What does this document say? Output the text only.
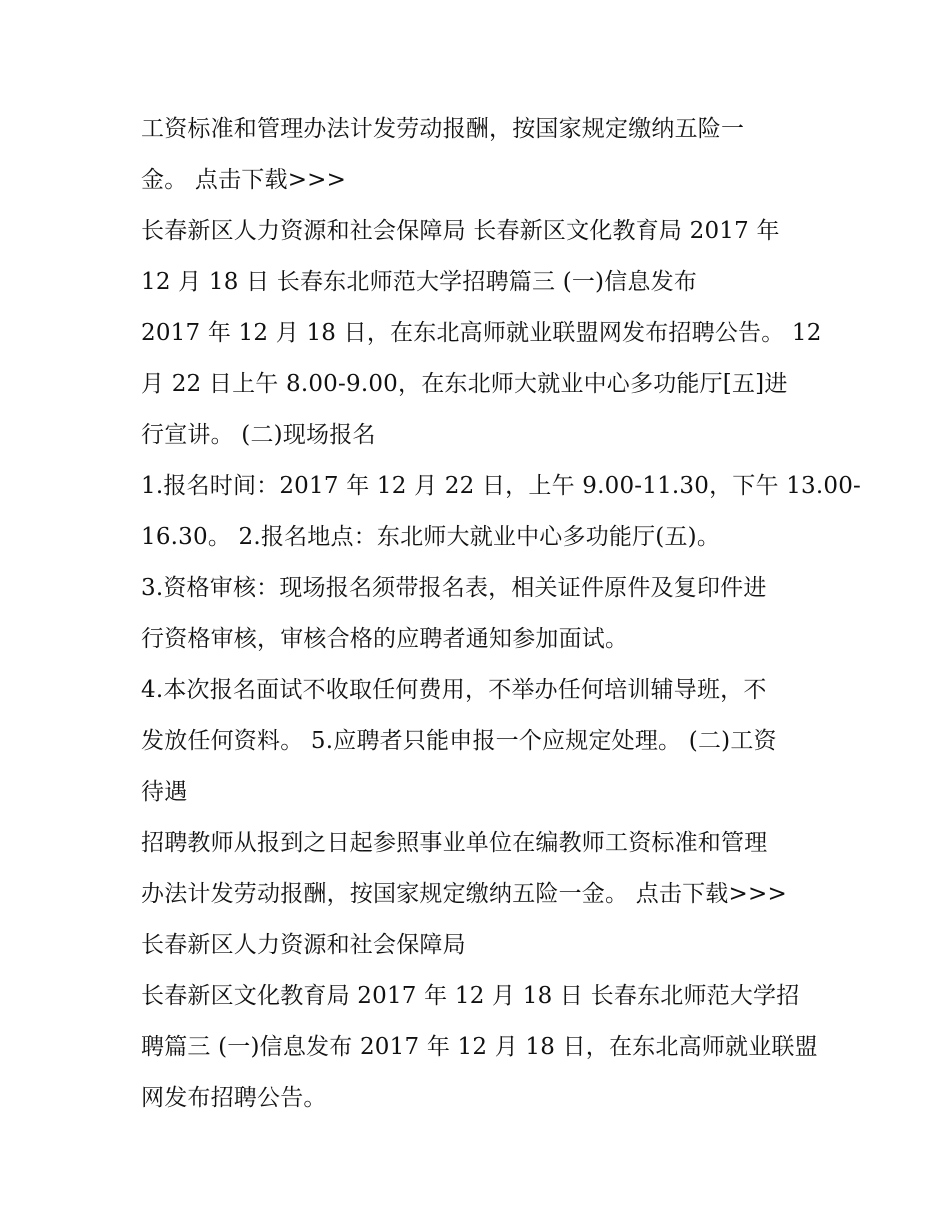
工资标准和管理办法计发劳动报酬，按国家规定缴纳五险一
金。 点击下载>>>
长春新区人力资源和社会保障局 长春新区文化教育局 2017 年
12 月 18 日 长春东北师范大学招聘篇三 (一)信息发布
2017 年 12 月 18 日，在东北高师就业联盟网发布招聘公告。 12
月 22 日上午 8.00-9.00，在东北师大就业中心多功能厅[五]进
行宣讲。 (二)现场报名
1.报名时间：2017 年 12 月 22 日，上午 9.00-11.30，下午 13.00-
16.30。 2.报名地点：东北师大就业中心多功能厅(五)。
3.资格审核：现场报名须带报名表，相关证件原件及复印件进
行资格审核，审核合格的应聘者通知参加面试。
4.本次报名面试不收取任何费用，不举办任何培训辅导班，不
发放任何资料。 5.应聘者只能申报一个应规定处理。 (二)工资
待遇
招聘教师从报到之日起参照事业单位在编教师工资标准和管理
办法计发劳动报酬，按国家规定缴纳五险一金。 点击下载>>>
长春新区人力资源和社会保障局
长春新区文化教育局 2017 年 12 月 18 日 长春东北师范大学招
聘篇三 (一)信息发布 2017 年 12 月 18 日，在东北高师就业联盟
网发布招聘公告。
